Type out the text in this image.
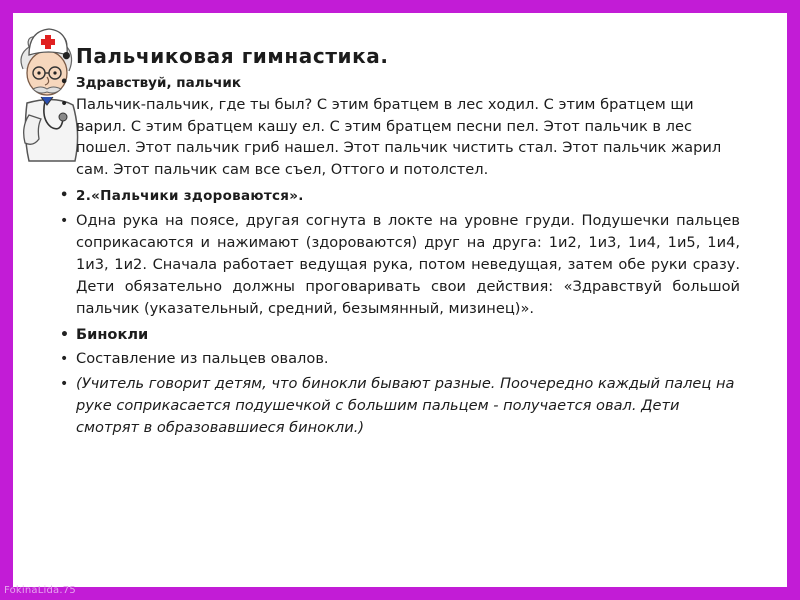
• Пальчиковая гимнастика.
• Здравствуй, пальчик
• Пальчик-пальчик, где ты был? С этим братцем в лес ходил. С этим братцем щи варил. С этим братцем кашу ел. С этим братцем песни пел. Этот пальчик в лес пошел. Этот пальчик гриб нашел. Этот пальчик чистить стал. Этот пальчик жарил сам. Этот пальчик сам все съел, Оттого и потолстел.
• 2.«Пальчики здороваются».
• Одна рука на поясе, другая согнута в локте на уровне груди. Подушечки пальцев соприкасаются и нажимают (здороваются) друг на друга: 1и2, 1и3, 1и4, 1и5, 1и4, 1и3, 1и2. Сначала работает ведущая рука, потом неведущая, затем обе руки сразу. Дети обязательно должны проговаривать свои действия: «Здравствуй большой пальчик (указательный, средний, безымянный, мизинец)».
• Бинокли
• Составление из пальцев овалов.
• (Учитель говорит детям, что бинокли бывают разные. Поочередно каждый палец на руке соприкасается подушечкой с большим пальцем - получается овал. Дети смотрят в образовавшиеся бинокли.)
FokinaLida.75
